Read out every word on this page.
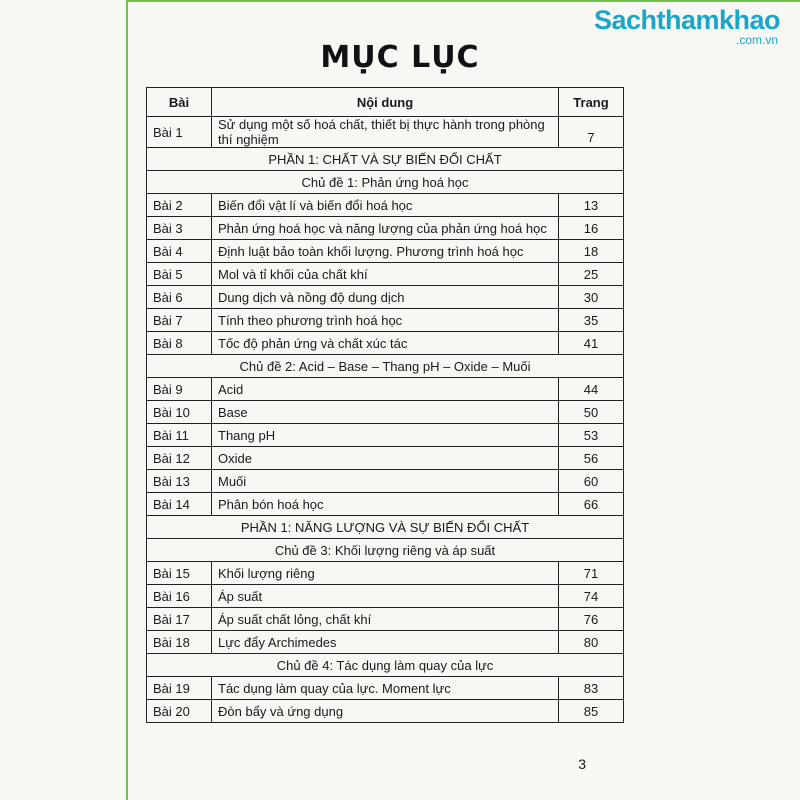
Sachthamkhao
.com.vn
MỤC LỤC
Bài	Nội dung	Trang
Bài 1	Sử dụng một số hoá chất, thiết bị thực hành trong phòng thí nghiệm	7
PHẦN 1: CHẤT VÀ SỰ BIẾN ĐỔI CHẤT		
Chủ đề 1: Phản ứng hoá học		
Bài 2	Biến đổi vật lí và biến đổi hoá học	13
Bài 3	Phản ứng hoá học và năng lượng của phản ứng hoá học	16
Bài 4	Định luật bảo toàn khối lượng. Phương trình hoá học	18
Bài 5	Mol và tỉ khối của chất khí	25
Bài 6	Dung dịch và nồng độ dung dịch	30
Bài 7	Tính theo phương trình hoá học	35
Bài 8	Tốc độ phản ứng và chất xúc tác	41
Chủ đề 2: Acid – Base – Thang pH – Oxide – Muối		
Bài 9	Acid	44
Bài 10	Base	50
Bài 11	Thang pH	53
Bài 12	Oxide	56
Bài 13	Muối	60
Bài 14	Phân bón hoá học	66
PHẦN 1: NĂNG LƯỢNG VÀ SỰ BIẾN ĐỔI CHẤT		
Chủ đề 3: Khối lượng riêng và áp suất		
Bài 15	Khối lượng riêng	71
Bài 16	Áp suất	74
Bài 17	Áp suất chất lỏng, chất khí	76
Bài 18	Lực đẩy Archimedes	80
Chủ đề 4: Tác dụng làm quay của lực		
Bài 19	Tác dụng làm quay của lực. Moment lực	83
Bài 20	Đòn bẩy và ứng dụng	85
3
